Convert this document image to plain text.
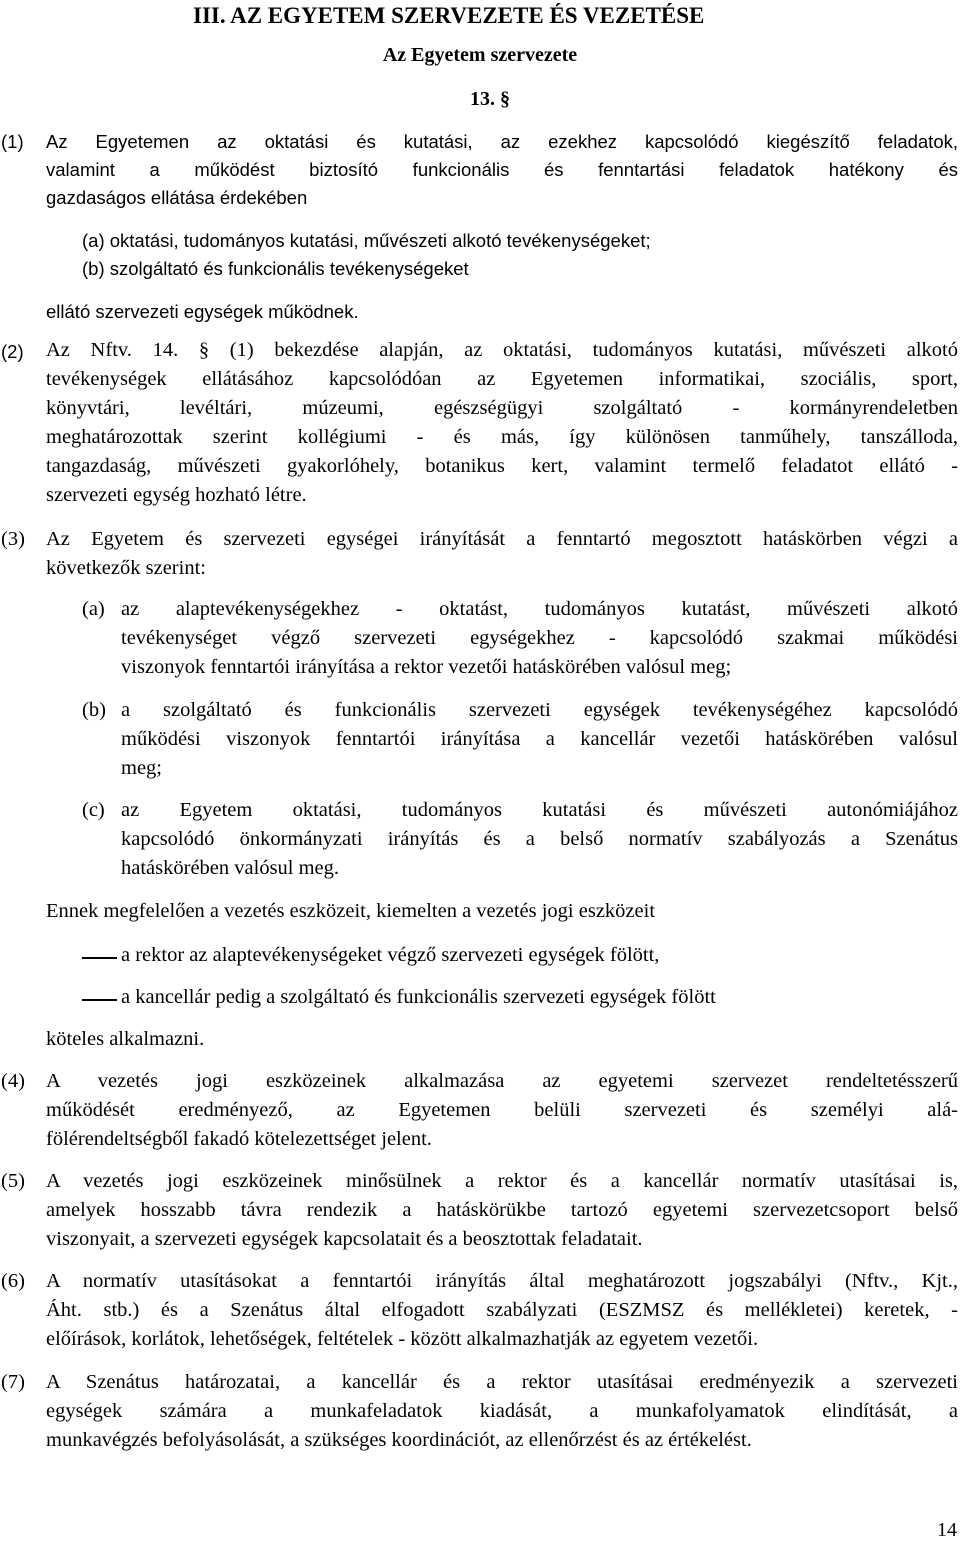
III. AZ EGYETEM SZERVEZETE ÉS VEZETÉSE
Az Egyetem szervezete
13. §
(1) Az Egyetemen az oktatási és kutatási, az ezekhez kapcsolódó kiegészítő feladatok,
valamint a működést biztosító funkcionális és fenntartási feladatok hatékony és
gazdaságos ellátása érdekében
(a) oktatási, tudományos kutatási, művészeti alkotó tevékenységeket;
(b) szolgáltató és funkcionális tevékenységeket
ellátó szervezeti egységek működnek.
(2) Az Nftv. 14. § (1) bekezdése alapján, az oktatási, tudományos kutatási, művészeti alkotó
tevékenységek ellátásához kapcsolódóan az Egyetemen informatikai, szociális, sport,
könyvtári, levéltári, múzeumi, egészségügyi szolgáltató - kormányrendeletben
meghatározottak szerint kollégiumi - és más, így különösen tanműhely, tanszálloda,
tangazdaság, művészeti gyakorlóhely, botanikus kert, valamint termelő feladatot ellátó -
szervezeti egység hozható létre.
(3) Az Egyetem és szervezeti egységei irányítását a fenntartó megosztott hatáskörben végzi a
következők szerint:
(a) az alaptevékenységekhez - oktatást, tudományos kutatást, művészeti alkotó
tevékenységet végző szervezeti egységekhez - kapcsolódó szakmai működési
viszonyok fenntartói irányítása a rektor vezetői hatáskörében valósul meg;
(b) a szolgáltató és funkcionális szervezeti egységek tevékenységéhez kapcsolódó
működési viszonyok fenntartói irányítása a kancellár vezetői hatáskörében valósul
meg;
(c) az Egyetem oktatási, tudományos kutatási és művészeti autonómiájához
kapcsolódó önkormányzati irányítás és a belső normatív szabályozás a Szenátus
hatáskörében valósul meg.
Ennek megfelelően a vezetés eszközeit, kiemelten a vezetés jogi eszközeit
a rektor az alaptevékenységeket végző szervezeti egységek fölött,
a kancellár pedig a szolgáltató és funkcionális szervezeti egységek fölött
köteles alkalmazni.
(4) A vezetés jogi eszközeinek alkalmazása az egyetemi szervezet rendeltetésszerű
működését eredményező, az Egyetemen belüli szervezeti és személyi alá-
fölérendeltségből fakadó kötelezettséget jelent.
(5) A vezetés jogi eszközeinek minősülnek a rektor és a kancellár normatív utasításai is,
amelyek hosszabb távra rendezik a hatáskörükbe tartozó egyetemi szervezetcsoport belső
viszonyait, a szervezeti egységek kapcsolatait és a beosztottak feladatait.
(6) A normatív utasításokat a fenntartói irányítás által meghatározott jogszabályi (Nftv., Kjt.,
Áht. stb.) és a Szenátus által elfogadott szabályzati (ESZMSZ és mellékletei) keretek, -
előírások, korlátok, lehetőségek, feltételek - között alkalmazhatják az egyetem vezetői.
(7) A Szenátus határozatai, a kancellár és a rektor utasításai eredményezik a szervezeti
egységek számára a munkafeladatok kiadását, a munkafolyamatok elindítását, a
munkavégzés befolyásolását, a szükséges koordinációt, az ellenőrzést és az értékelést.
14
